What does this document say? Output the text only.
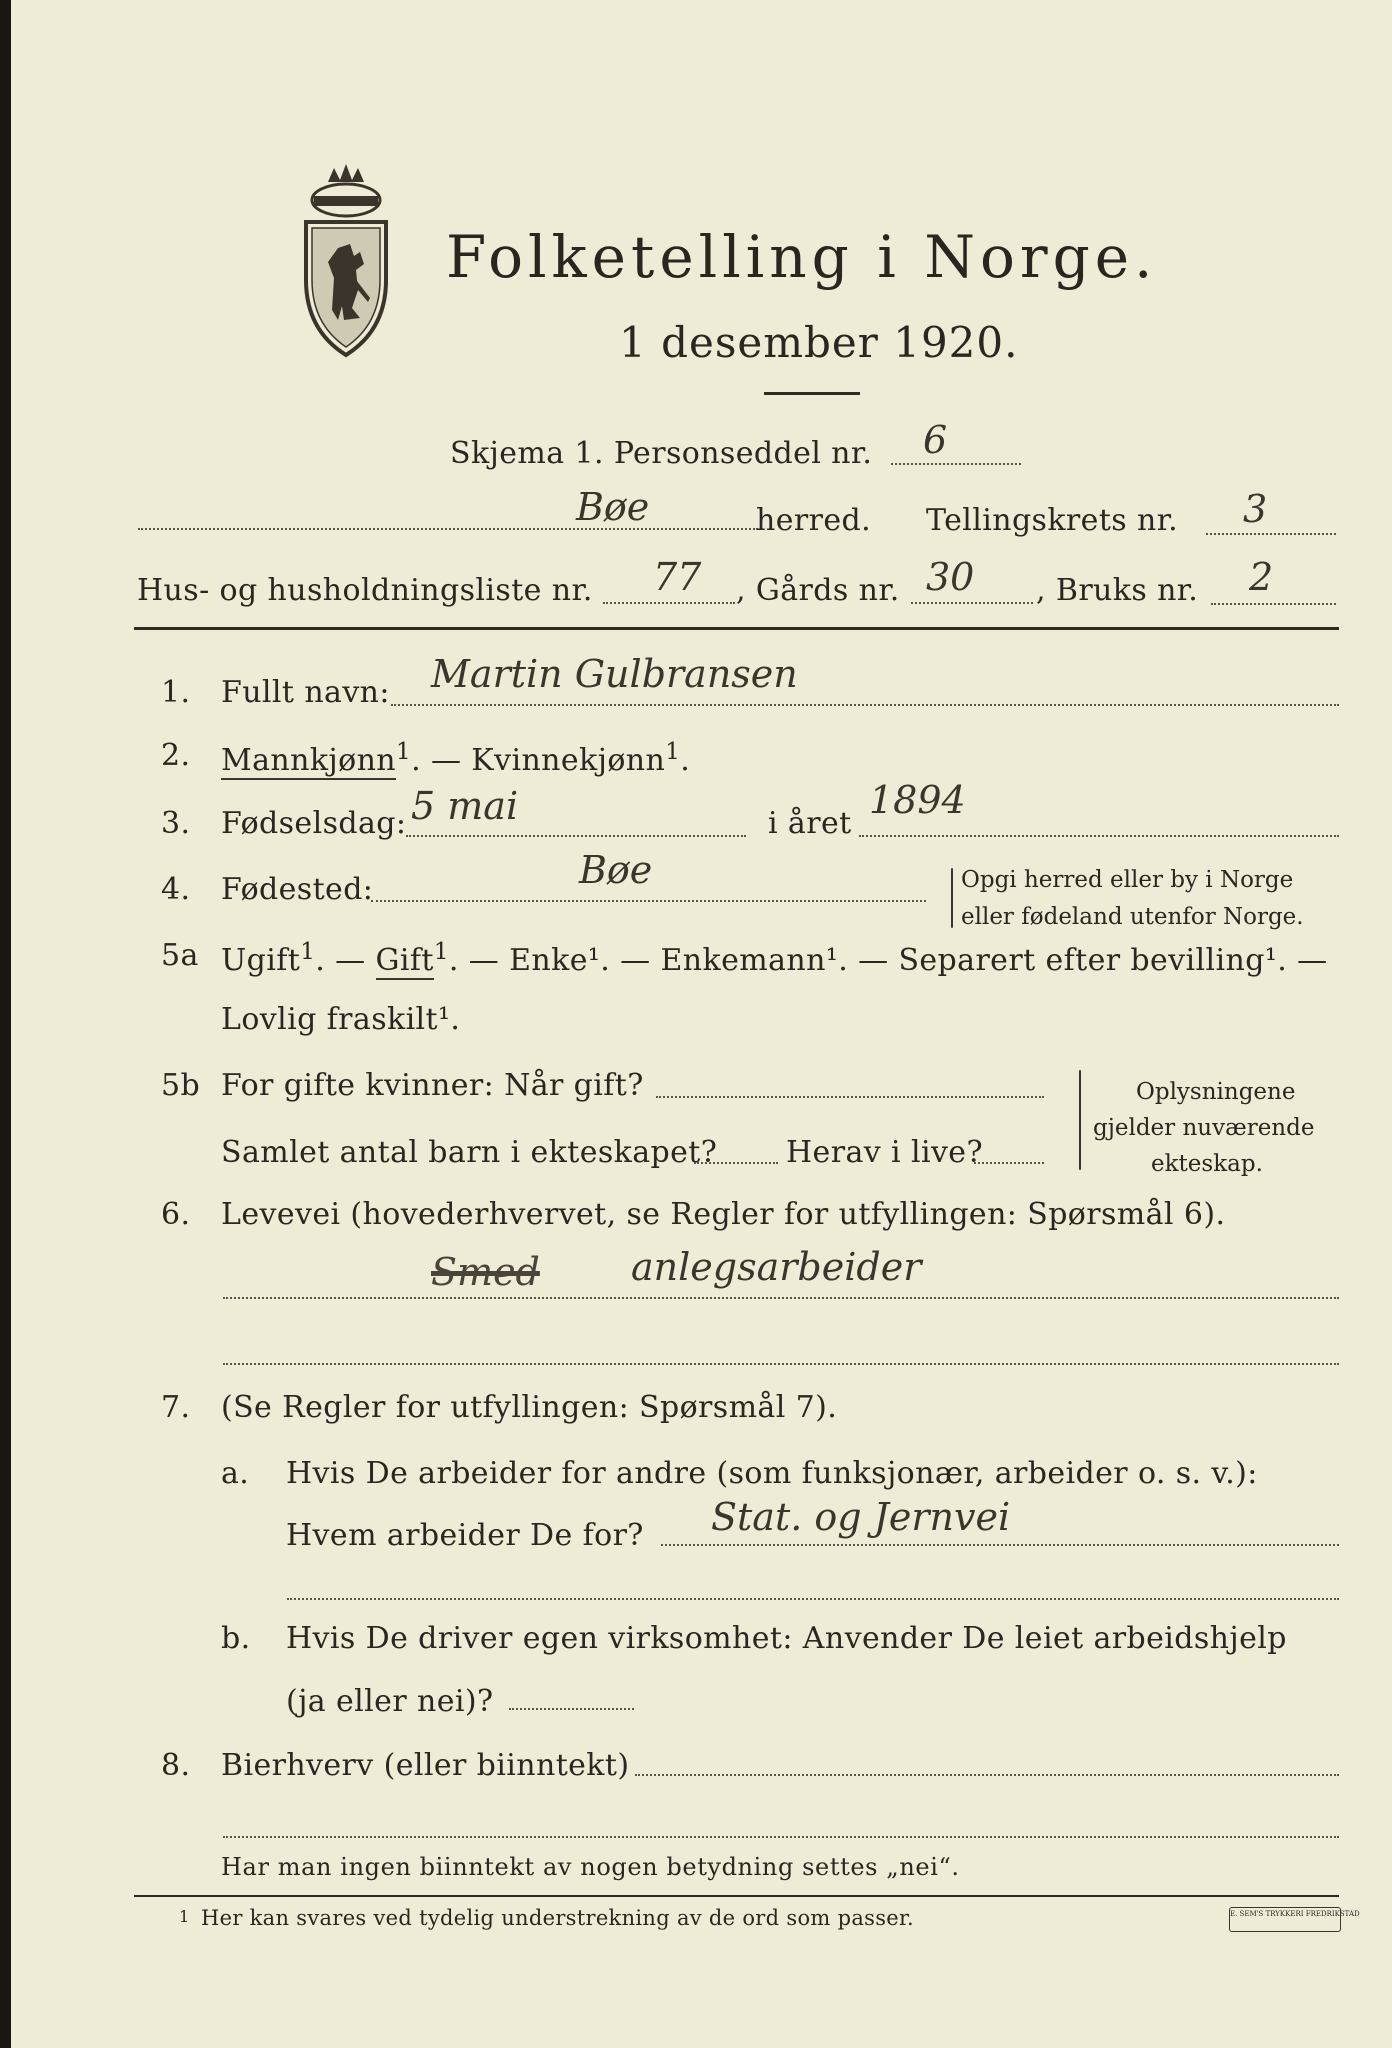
Folketelling i Norge.
1 desember 1920.
Skjema 1. Personseddel nr. 6
Bøe	herred. Tellingskrets nr. 3
Hus- og husholdningsliste nr. 77 , Gårds nr. 30 , Bruks nr. 2
1. Fullt navn: Martin Gulbransen
2. Mannkjønn$^1$. — Kvinnekjønn$^1$.
3. Fødselsdag: 5 mai	i året
1894
4. Fødested:	Bøe	Opgi herred eller by i Norge
eller fødeland utenfor Norge.
5a Ugift$^1$. — Gift$^1$. — Enke¹. — Enkemann¹. — Separert efter bevilling¹. —
Lovlig fraskilt¹.
5b For gifte kvinner: Når gift?
Samlet antal barn i ekteskapet? Herav i live?
Oplysningene
gjelder nuværende
ekteskap.
6. Levevei (hovederhvervet, se Regler for utfyllingen: Spørsmål 6).
Smed anlegsarbeider
7. (Se Regler for utfyllingen: Spørsmål 7).
a. Hvis De arbeider for andre (som funksjonær, arbeider o. s. v.):
Hvem arbeider De for? Stat. og Jernvei
b. Hvis De driver egen virksomhet: Anvender De leiet arbeidshjelp
(ja eller nei)?
8. Bierhverv (eller biinntekt)
Har man ingen biinntekt av nogen betydning settes „nei“.
1 Her kan svares ved tydelig understrekning av de ord som passer.	E. SEM'S TRYKKERI FREDRIKSTAD
